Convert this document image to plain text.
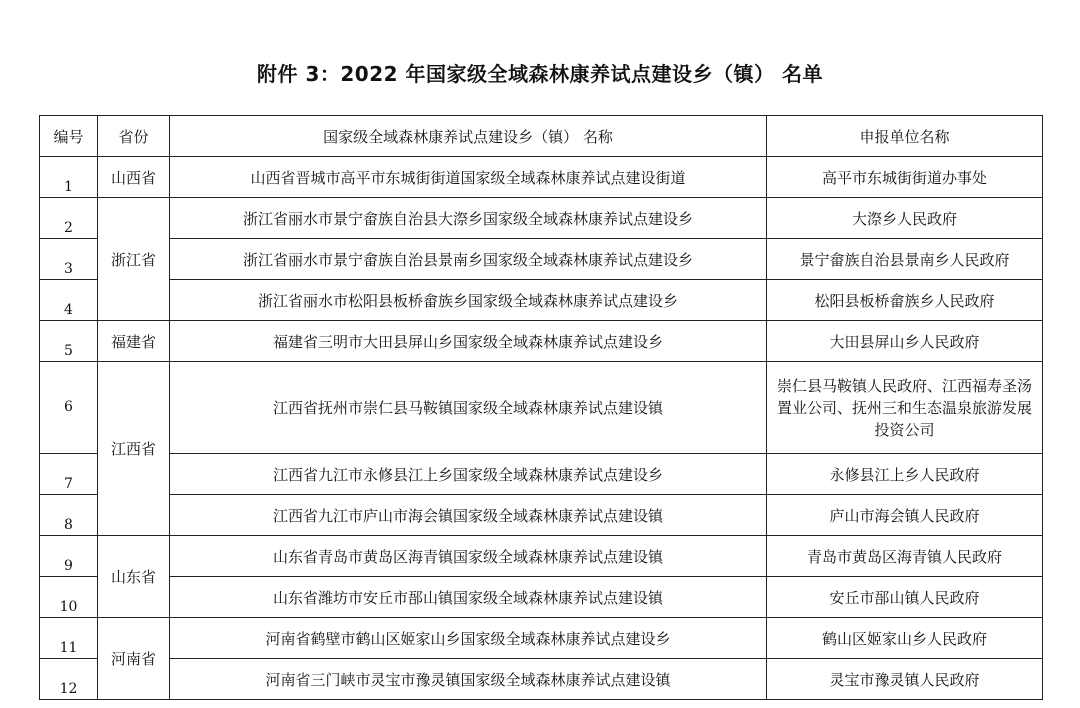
附件 3：2022 年国家级全域森林康养试点建设乡（镇） 名单
编号	省份	国家级全域森林康养试点建设乡（镇） 名称	申报单位名称
1	山西省	山西省晋城市高平市东城街街道国家级全域森林康养试点建设街道	高平市东城街街道办事处
2	浙江省	浙江省丽水市景宁畲族自治县大漈乡国家级全域森林康养试点建设乡	大漈乡人民政府
3		浙江省丽水市景宁畲族自治县景南乡国家级全域森林康养试点建设乡	景宁畲族自治县景南乡人民政府
4		浙江省丽水市松阳县板桥畲族乡国家级全域森林康养试点建设乡	松阳县板桥畲族乡人民政府
5	福建省	福建省三明市大田县屏山乡国家级全域森林康养试点建设乡	大田县屏山乡人民政府
6	江西省	江西省抚州市崇仁县马鞍镇国家级全域森林康养试点建设镇	崇仁县马鞍镇人民政府、江西福寿圣汤置业公司、抚州三和生态温泉旅游发展投资公司
7		江西省九江市永修县江上乡国家级全域森林康养试点建设乡	永修县江上乡人民政府
8		江西省九江市庐山市海会镇国家级全域森林康养试点建设镇	庐山市海会镇人民政府
9	山东省	山东省青岛市黄岛区海青镇国家级全域森林康养试点建设镇	青岛市黄岛区海青镇人民政府
10		山东省潍坊市安丘市郚山镇国家级全域森林康养试点建设镇	安丘市郚山镇人民政府
11	河南省	河南省鹤壁市鹤山区姬家山乡国家级全域森林康养试点建设乡	鹤山区姬家山乡人民政府
12		河南省三门峡市灵宝市豫灵镇国家级全域森林康养试点建设镇	灵宝市豫灵镇人民政府
